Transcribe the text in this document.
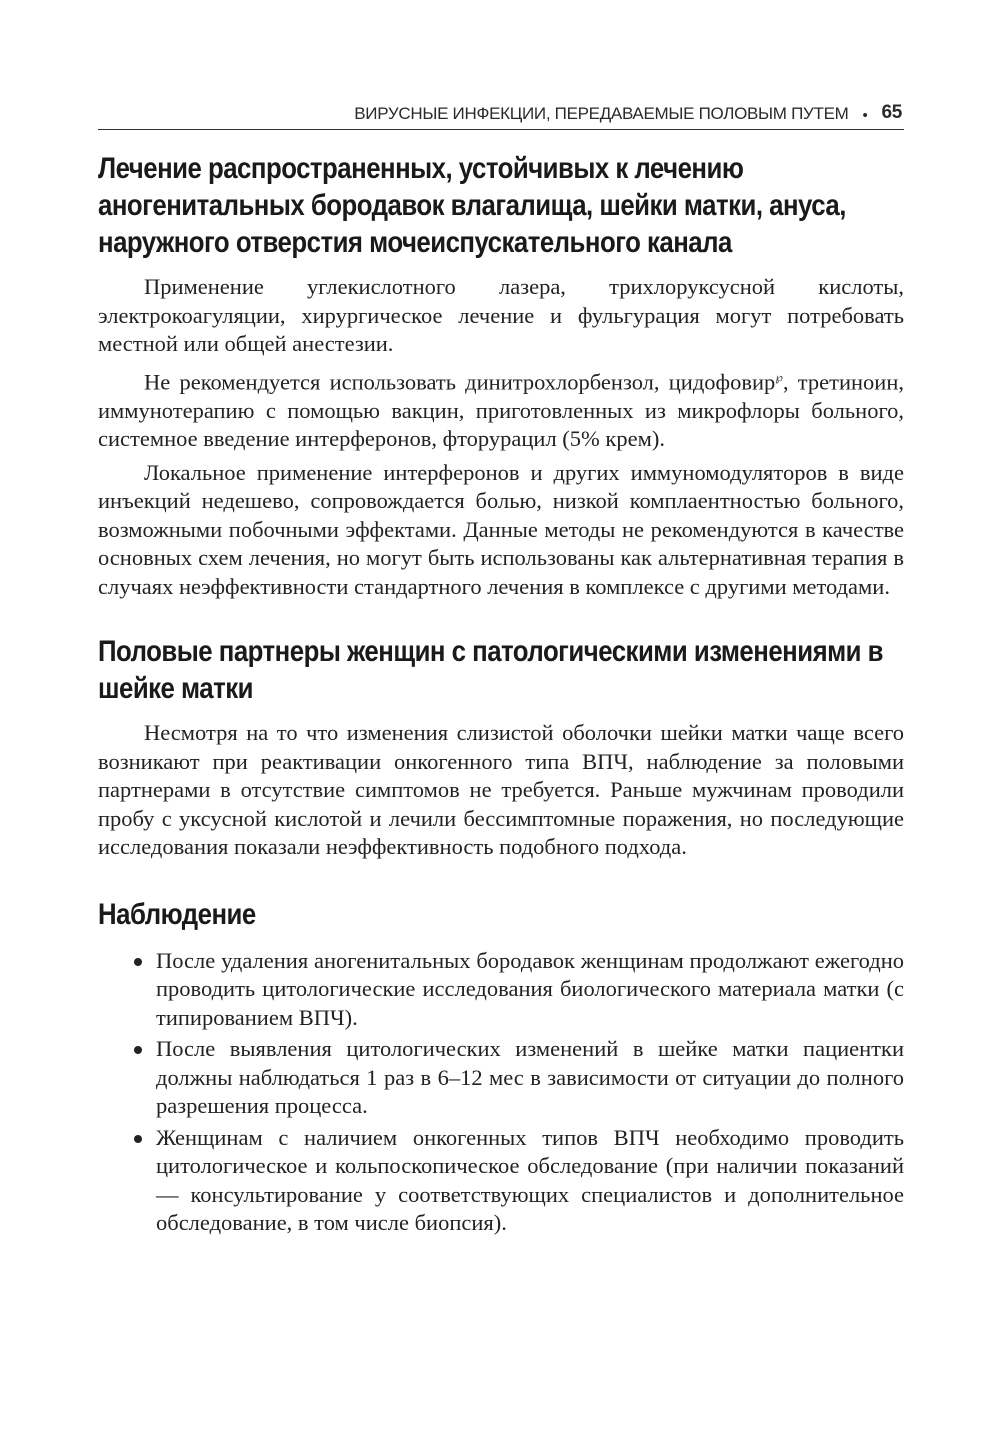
ВИРУСНЫЕ ИНФЕКЦИИ, ПЕРЕДАВАЕМЫЕ ПОЛОВЫМ ПУТЕМ • 65
Лечение распространенных, устойчивых к лечению аногенитальных бородавок влагалища, шейки матки, ануса, наружного отверстия мочеиспускательного канала

Применение углекислотного лазера, трихлоруксусной кислоты, электрокоагуляции, хирургическое лечение и фульгурация могут потребовать местной или общей анестезии.

Не рекомендуется использовать динитрохлорбензол, цидофовир℘, третиноин, иммунотерапию с помощью вакцин, приготовленных из микрофлоры больного, системное введение интерферонов, фторурацил (5% крем).

Локальное применение интерферонов и других иммуномодуляторов в виде инъекций недешево, сопровождается болью, низкой комплаентностью больного, возможными побочными эффектами. Данные методы не рекомендуются в качестве основных схем лечения, но могут быть использованы как альтернативная терапия в случаях неэффективности стандартного лечения в комплексе с другими методами.

Половые партнеры женщин с патологическими изменениями в шейке матки

Несмотря на то что изменения слизистой оболочки шейки матки чаще всего возникают при реактивации онкогенного типа ВПЧ, наблюдение за половыми партнерами в отсутствие симптомов не требуется. Раньше мужчинам проводили пробу с уксусной кислотой и лечили бессимптомные поражения, но последующие исследования показали неэффективность подобного подхода.

Наблюдение
После удаления аногенитальных бородавок женщинам продолжают ежегодно проводить цитологические исследования биологического материала матки (с типированием ВПЧ).
После выявления цитологических изменений в шейке матки пациентки должны наблюдаться 1 раз в 6–12 мес в зависимости от ситуации до полного разрешения процесса.
Женщинам с наличием онкогенных типов ВПЧ необходимо проводить цитологическое и кольпоскопическое обследование (при наличии показаний — консультирование у соответствующих специалистов и дополнительное обследование, в том числе биопсия).
